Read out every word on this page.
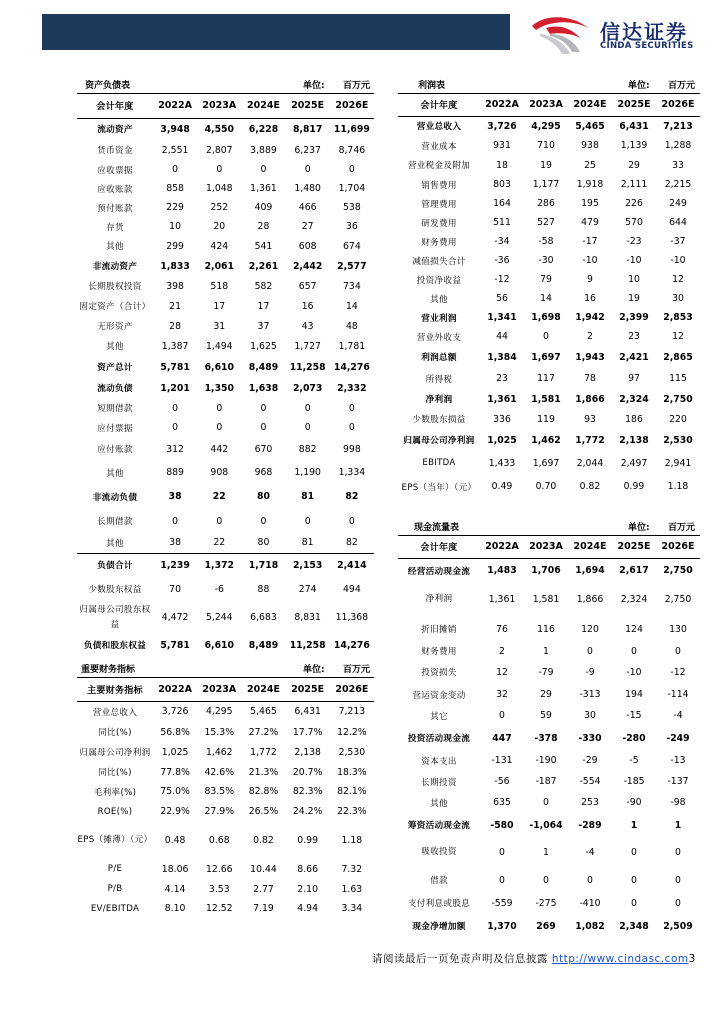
信达证券
CINDA SECURITIES
资产负债表	单位: 百万元
会计年度	2022A	2023A	2024E	2025E	2026E
流动资产	3,948	4,550	6,228	8,817	11,699
货币资金	2,551	2,807	3,889	6,237	8,746
应收票据	0	0	0	0	0
应收账款	858	1,048	1,361	1,480	1,704
预付账款	229	252	409	466	538
存货	10	20	28	27	36
其他	299	424	541	608	674
非流动资产	1,833	2,061	2,261	2,442	2,577
长期股权投资	398	518	582	657	734
固定资产（合计）	21	17	17	16	14
无形资产	28	31	37	43	48
其他	1,387	1,494	1,625	1,727	1,781
资产总计	5,781	6,610	8,489	11,258	14,276
流动负债	1,201	1,350	1,638	2,073	2,332
短期借款	0	0	0	0	0
应付票据	0	0	0	0	0
应付账款	312	442	670	882	998
其他	889	908	968	1,190	1,334
非流动负债	38	22	80	81	82
长期借款	0	0	0	0	0
其他	38	22	80	81	82
负债合计	1,239	1,372	1,718	2,153	2,414
少数股东权益	70	-6	88	274	494
归属母公司股东权益	4,472	5,244	6,683	8,831	11,368
负债和股东权益	5,781	6,610	8,489	11,258	14,276
重要财务指标	单位: 百万元
主要财务指标	2022A	2023A	2024E	2025E	2026E
营业总收入	3,726	4,295	5,465	6,431	7,213
同比(%)	56.8%	15.3%	27.2%	17.7%	12.2%
归属母公司净利润	1,025	1,462	1,772	2,138	2,530
同比(%)	77.8%	42.6%	21.3%	20.7%	18.3%
毛利率(%)	75.0%	83.5%	82.8%	82.3%	82.1%
ROE(%)	22.9%	27.9%	26.5%	24.2%	22.3%
EPS（摊薄）（元）	0.48	0.68	0.82	0.99	1.18
P/E	18.06	12.66	10.44	8.66	7.32
P/B	4.14	3.53	2.77	2.10	1.63
EV/EBITDA	8.10	12.52	7.19	4.94	3.34
利润表	单位: 百万元
会计年度	2022A	2023A	2024E	2025E	2026E
营业总收入	3,726	4,295	5,465	6,431	7,213
营业成本	931	710	938	1,139	1,288
营业税金及附加	18	19	25	29	33
销售费用	803	1,177	1,918	2,111	2,215
管理费用	164	286	195	226	249
研发费用	511	527	479	570	644
财务费用	-34	-58	-17	-23	-37
减值损失合计	-36	-30	-10	-10	-10
投资净收益	-12	79	9	10	12
其他	56	14	16	19	30
营业利润	1,341	1,698	1,942	2,399	2,853
营业外收支	44	0	2	23	12
利润总额	1,384	1,697	1,943	2,421	2,865
所得税	23	117	78	97	115
净利润	1,361	1,581	1,866	2,324	2,750
少数股东损益	336	119	93	186	220
归属母公司净利润	1,025	1,462	1,772	2,138	2,530
EBITDA	1,433	1,697	2,044	2,497	2,941
EPS（当年）（元）	0.49	0.70	0.82	0.99	1.18
现金流量表	单位: 百万元
会计年度	2022A	2023A	2024E	2025E	2026E
经营活动现金流	1,483	1,706	1,694	2,617	2,750
净利润	1,361	1,581	1,866	2,324	2,750
折旧摊销	76	116	120	124	130
财务费用	2	1	0	0	0
投资损失	12	-79	-9	-10	-12
营运资金变动	32	29	-313	194	-114
其它	0	59	30	-15	-4
投资活动现金流	447	-378	-330	-280	-249
资本支出	-131	-190	-29	-5	-13
长期投资	-56	-187	-554	-185	-137
其他	635	0	253	-90	-98
筹资活动现金流	-580	-1,064	-289	1	1
吸收投资	0	1	-4	0	0
借款	0	0	0	0	0
支付利息或股息	-559	-275	-410	0	0
现金净增加额	1,370	269	1,082	2,348	2,509
请阅读最后一页免责声明及信息披露 http://www.cindasc.com3
